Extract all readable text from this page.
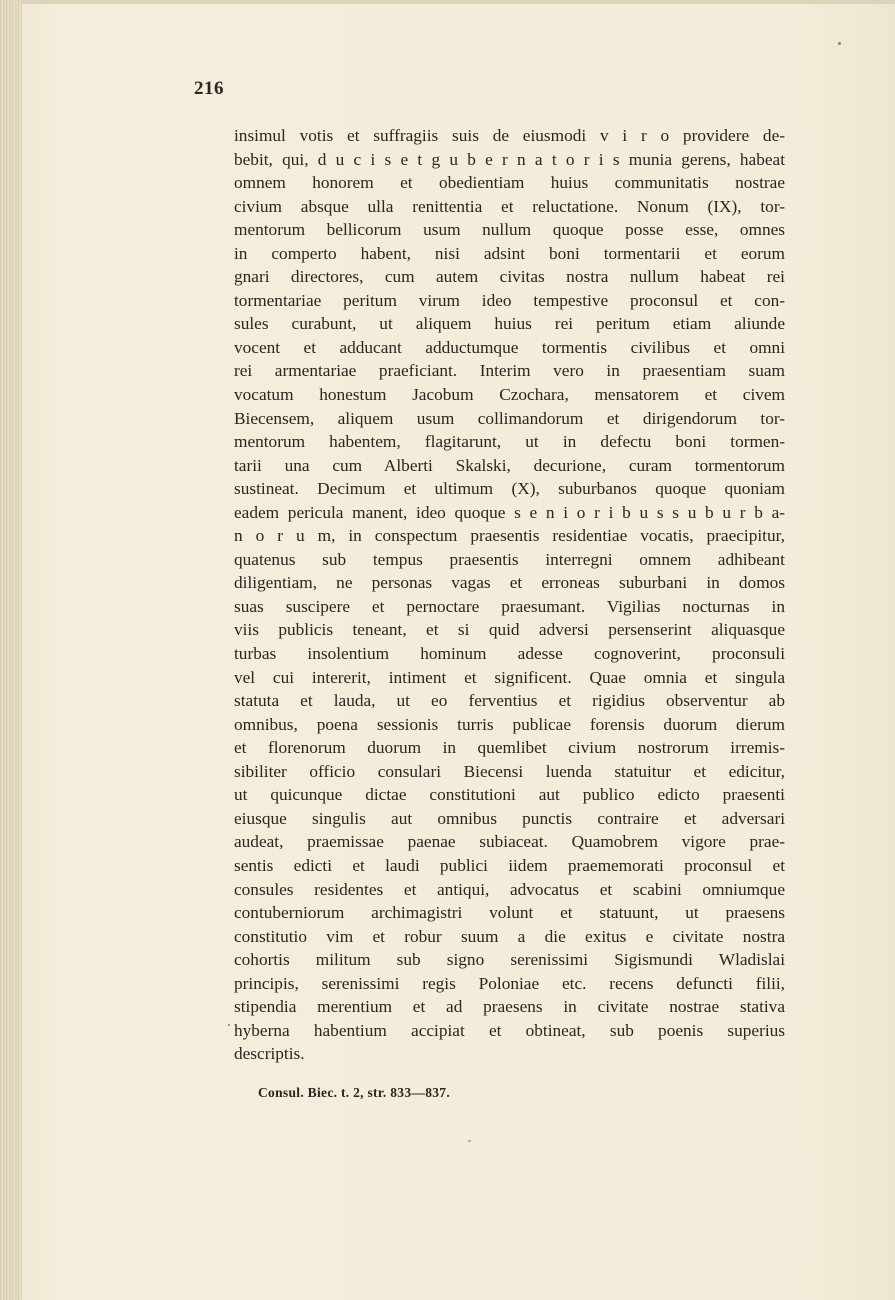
216

insimul votis et suffragiis suis de eiusmodi v i r o providere de-

bebit, qui, d u c i s e t g u b e r n a t o r i s munia gerens, habeat

omnem honorem et obedientiam huius communitatis nostrae

civium absque ulla renittentia et reluctatione. Nonum (IX), tor-

mentorum bellicorum usum nullum quoque posse esse, omnes

in comperto habent, nisi adsint boni tormentarii et eorum

gnari directores, cum autem civitas nostra nullum habeat rei

tormentariae peritum virum ideo tempestive proconsul et con-

sules curabunt, ut aliquem huius rei peritum etiam aliunde

vocent et adducant adductumque tormentis civilibus et omni

rei armentariae praeficiant. Interim vero in praesentiam suam

vocatum honestum Jacobum Czochara, mensatorem et civem

Biecensem, aliquem usum collimandorum et dirigendorum tor-

mentorum habentem, flagitarunt, ut in defectu boni tormen-

tarii una cum Alberti Skalski, decurione, curam tormentorum

sustineat. Decimum et ultimum (X), suburbanos quoque quoniam

eadem pericula manent, ideo quoque s e n i o r i b u s s u b u r b a-

n o r u m, in conspectum praesentis residentiae vocatis, praecipitur,

quatenus sub tempus praesentis interregni omnem adhibeant

diligentiam, ne personas vagas et erroneas suburbani in domos

suas suscipere et pernoctare praesumant. Vigilias nocturnas in

viis publicis teneant, et si quid adversi persenserint aliquasque

turbas insolentium hominum adesse cognoverint, proconsuli

vel cui intererit, intiment et significent. Quae omnia et singula

statuta et lauda, ut eo ferventius et rigidius observentur ab

omnibus, poena sessionis turris publicae forensis duorum dierum

et florenorum duorum in quemlibet civium nostrorum irremis-

sibiliter officio consulari Biecensi luenda statuitur et edicitur,

ut quicunque dictae constitutioni aut publico edicto praesenti

eiusque singulis aut omnibus punctis contraire et adversari

audeat, praemissae paenae subiaceat. Quamobrem vigore prae-

sentis edicti et laudi publici iidem praememorati proconsul et

consules residentes et antiqui, advocatus et scabini omniumque

contuberniorum archimagistri volunt et statuunt, ut praesens

constitutio vim et robur suum a die exitus e civitate nostra

cohortis militum sub signo serenissimi Sigismundi Wladislai

principis, serenissimi regis Poloniae etc. recens defuncti filii,

stipendia merentium et ad praesens in civitate nostrae stativa

hyberna habentium accipiat et obtineat, sub poenis superius

descriptis.

Consul. Biec. t. 2, str. 833—837.
